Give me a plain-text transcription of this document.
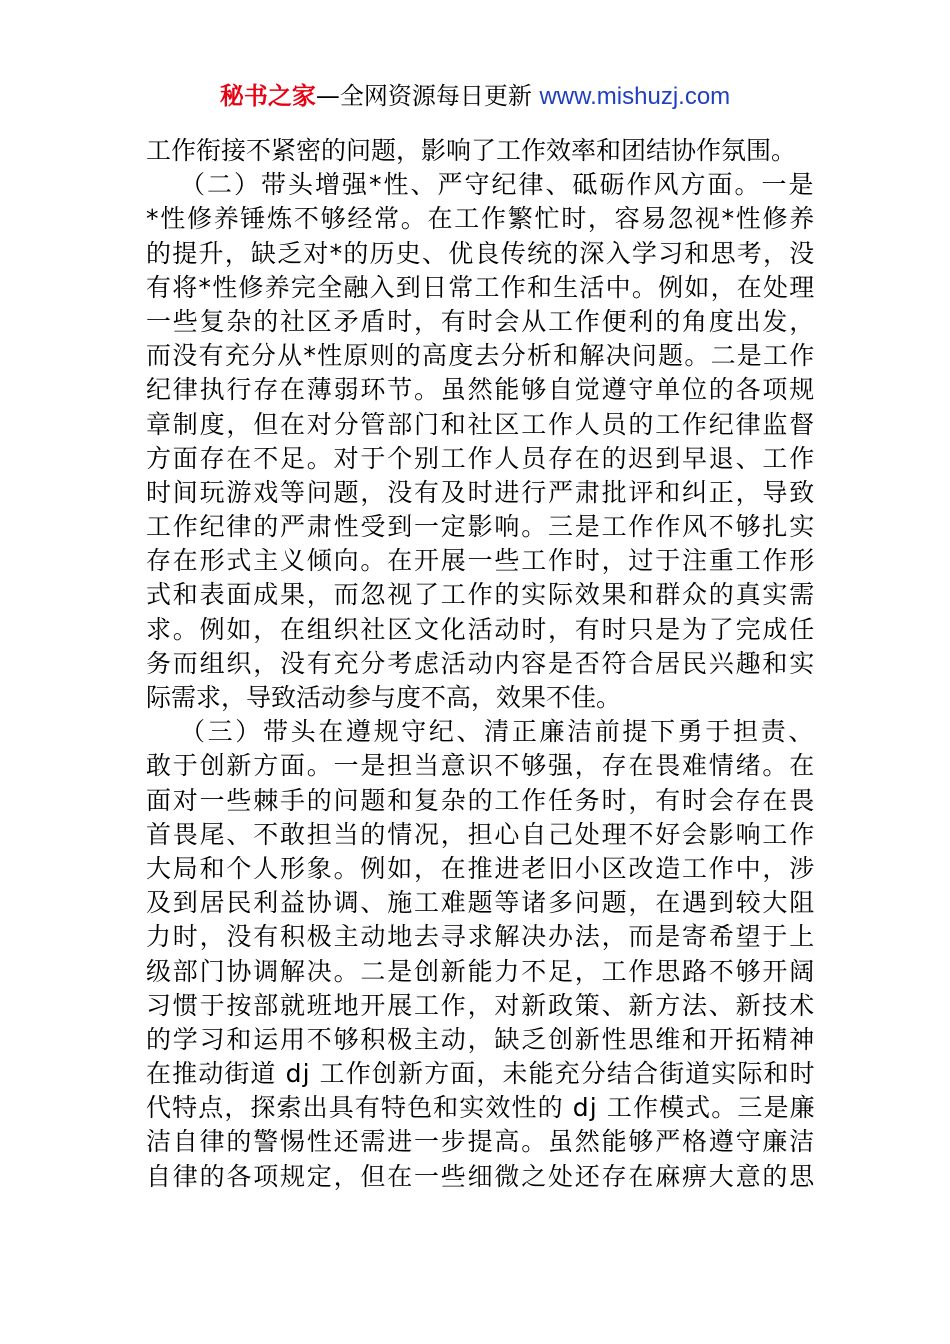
秘书之家—全网资源每日更新 www.mishuzj.com
工作衔接不紧密的问题，影响了工作效率和团结协作氛围。
（二）带头增强*性、严守纪律、砥砺作风方面。一是
*性修养锤炼不够经常。在工作繁忙时，容易忽视*性修养
的提升，缺乏对*的历史、优良传统的深入学习和思考，没
有将*性修养完全融入到日常工作和生活中。例如，在处理
一些复杂的社区矛盾时，有时会从工作便利的角度出发，
而没有充分从*性原则的高度去分析和解决问题。二是工作
纪律执行存在薄弱环节。虽然能够自觉遵守单位的各项规
章制度，但在对分管部门和社区工作人员的工作纪律监督
方面存在不足。对于个别工作人员存在的迟到早退、工作
时间玩游戏等问题，没有及时进行严肃批评和纠正，导致
工作纪律的严肃性受到一定影响。三是工作作风不够扎实
存在形式主义倾向。在开展一些工作时，过于注重工作形
式和表面成果，而忽视了工作的实际效果和群众的真实需
求。例如，在组织社区文化活动时，有时只是为了完成任
务而组织，没有充分考虑活动内容是否符合居民兴趣和实
际需求，导致活动参与度不高，效果不佳。
（三）带头在遵规守纪、清正廉洁前提下勇于担责、
敢于创新方面。一是担当意识不够强，存在畏难情绪。在
面对一些棘手的问题和复杂的工作任务时，有时会存在畏
首畏尾、不敢担当的情况，担心自己处理不好会影响工作
大局和个人形象。例如，在推进老旧小区改造工作中，涉
及到居民利益协调、施工难题等诸多问题，在遇到较大阻
力时，没有积极主动地去寻求解决办法，而是寄希望于上
级部门协调解决。二是创新能力不足，工作思路不够开阔
习惯于按部就班地开展工作，对新政策、新方法、新技术
的学习和运用不够积极主动，缺乏创新性思维和开拓精神
在推动街道 dj 工作创新方面，未能充分结合街道实际和时
代特点，探索出具有特色和实效性的 dj 工作模式。三是廉
洁自律的警惕性还需进一步提高。虽然能够严格遵守廉洁
自律的各项规定，但在一些细微之处还存在麻痹大意的思
